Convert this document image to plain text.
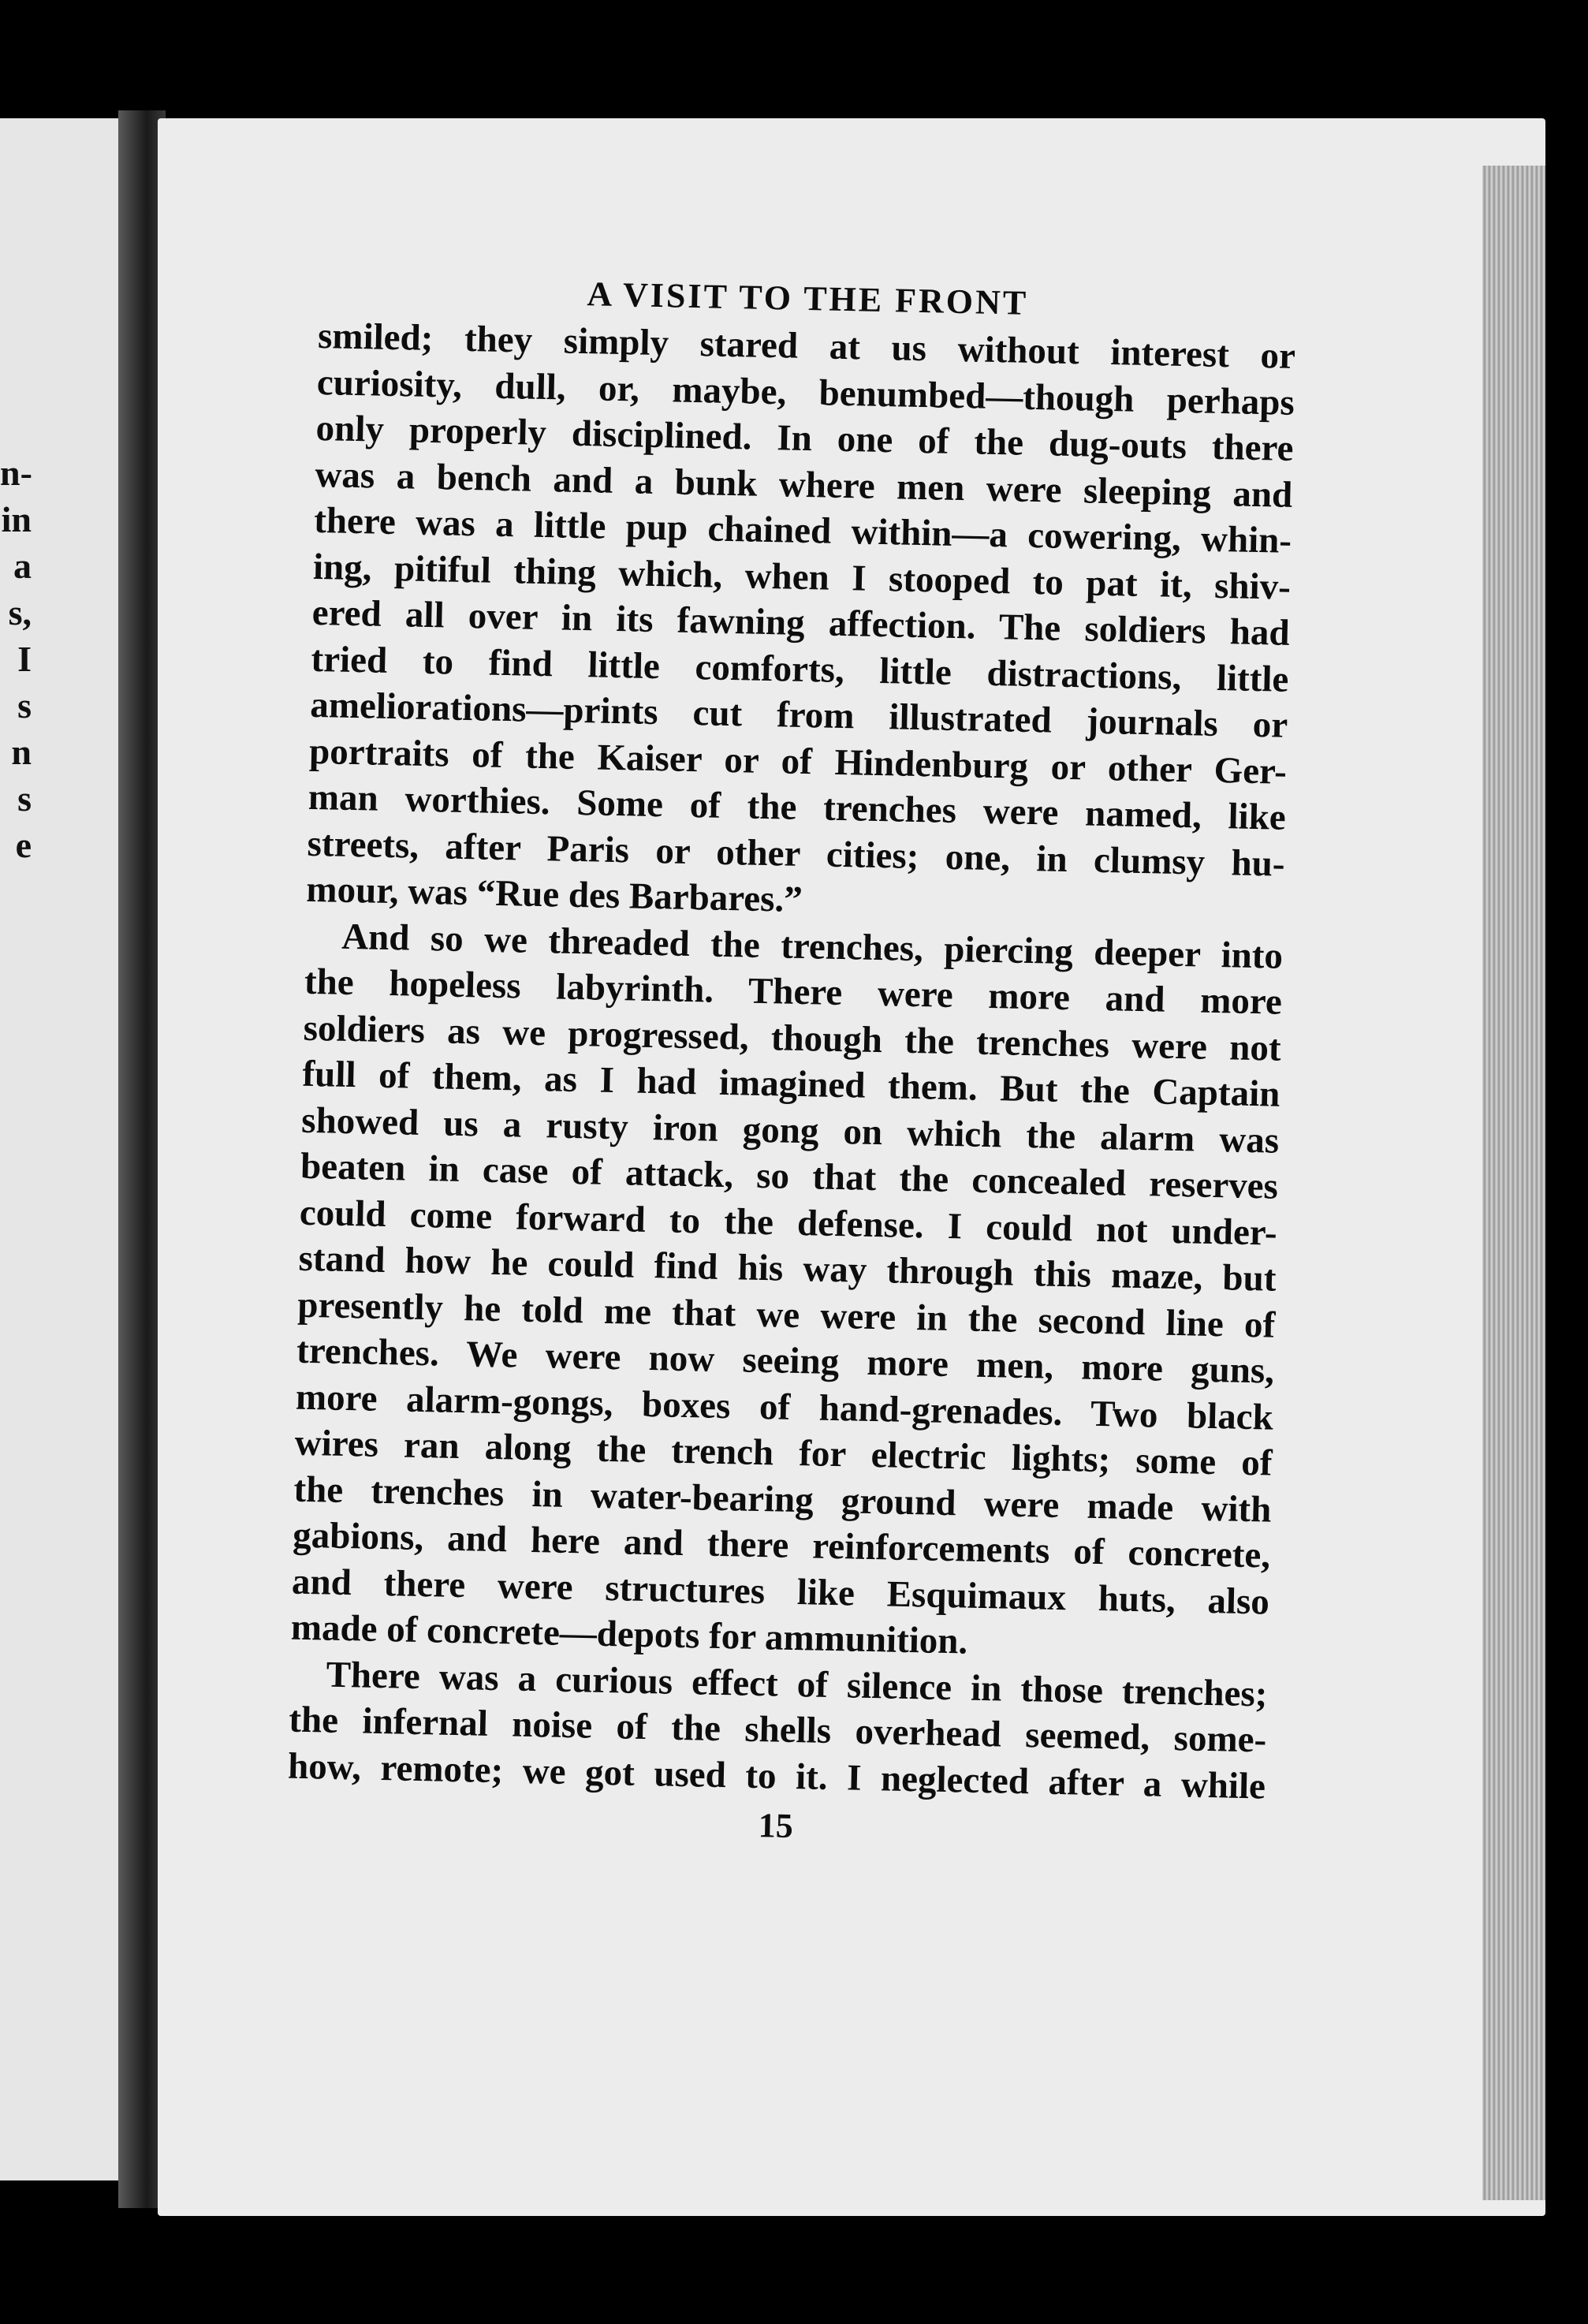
n-
in
a
s,
I
s
n
s
e
A VISIT TO THE FRONT
smiled; they simply stared at us without interest or
curiosity, dull, or, maybe, benumbed—though perhaps
only properly disciplined. In one of the dug-outs there
was a bench and a bunk where men were sleeping and
there was a little pup chained within—a cowering, whin-
ing, pitiful thing which, when I stooped to pat it, shiv-
ered all over in its fawning affection. The soldiers had
tried to find little comforts, little distractions, little
ameliorations—prints cut from illustrated journals or
portraits of the Kaiser or of Hindenburg or other Ger-
man worthies. Some of the trenches were named, like
streets, after Paris or other cities; one, in clumsy hu-
mour, was “Rue des Barbares.”
And so we threaded the trenches, piercing deeper into
the hopeless labyrinth. There were more and more
soldiers as we progressed, though the trenches were not
full of them, as I had imagined them. But the Captain
showed us a rusty iron gong on which the alarm was
beaten in case of attack, so that the concealed reserves
could come forward to the defense. I could not under-
stand how he could find his way through this maze, but
presently he told me that we were in the second line of
trenches. We were now seeing more men, more guns,
more alarm-gongs, boxes of hand-grenades. Two black
wires ran along the trench for electric lights; some of
the trenches in water-bearing ground were made with
gabions, and here and there reinforcements of concrete,
and there were structures like Esquimaux huts, also
made of concrete—depots for ammunition.
There was a curious effect of silence in those trenches;
the infernal noise of the shells overhead seemed, some-
how, remote; we got used to it. I neglected after a while
15
